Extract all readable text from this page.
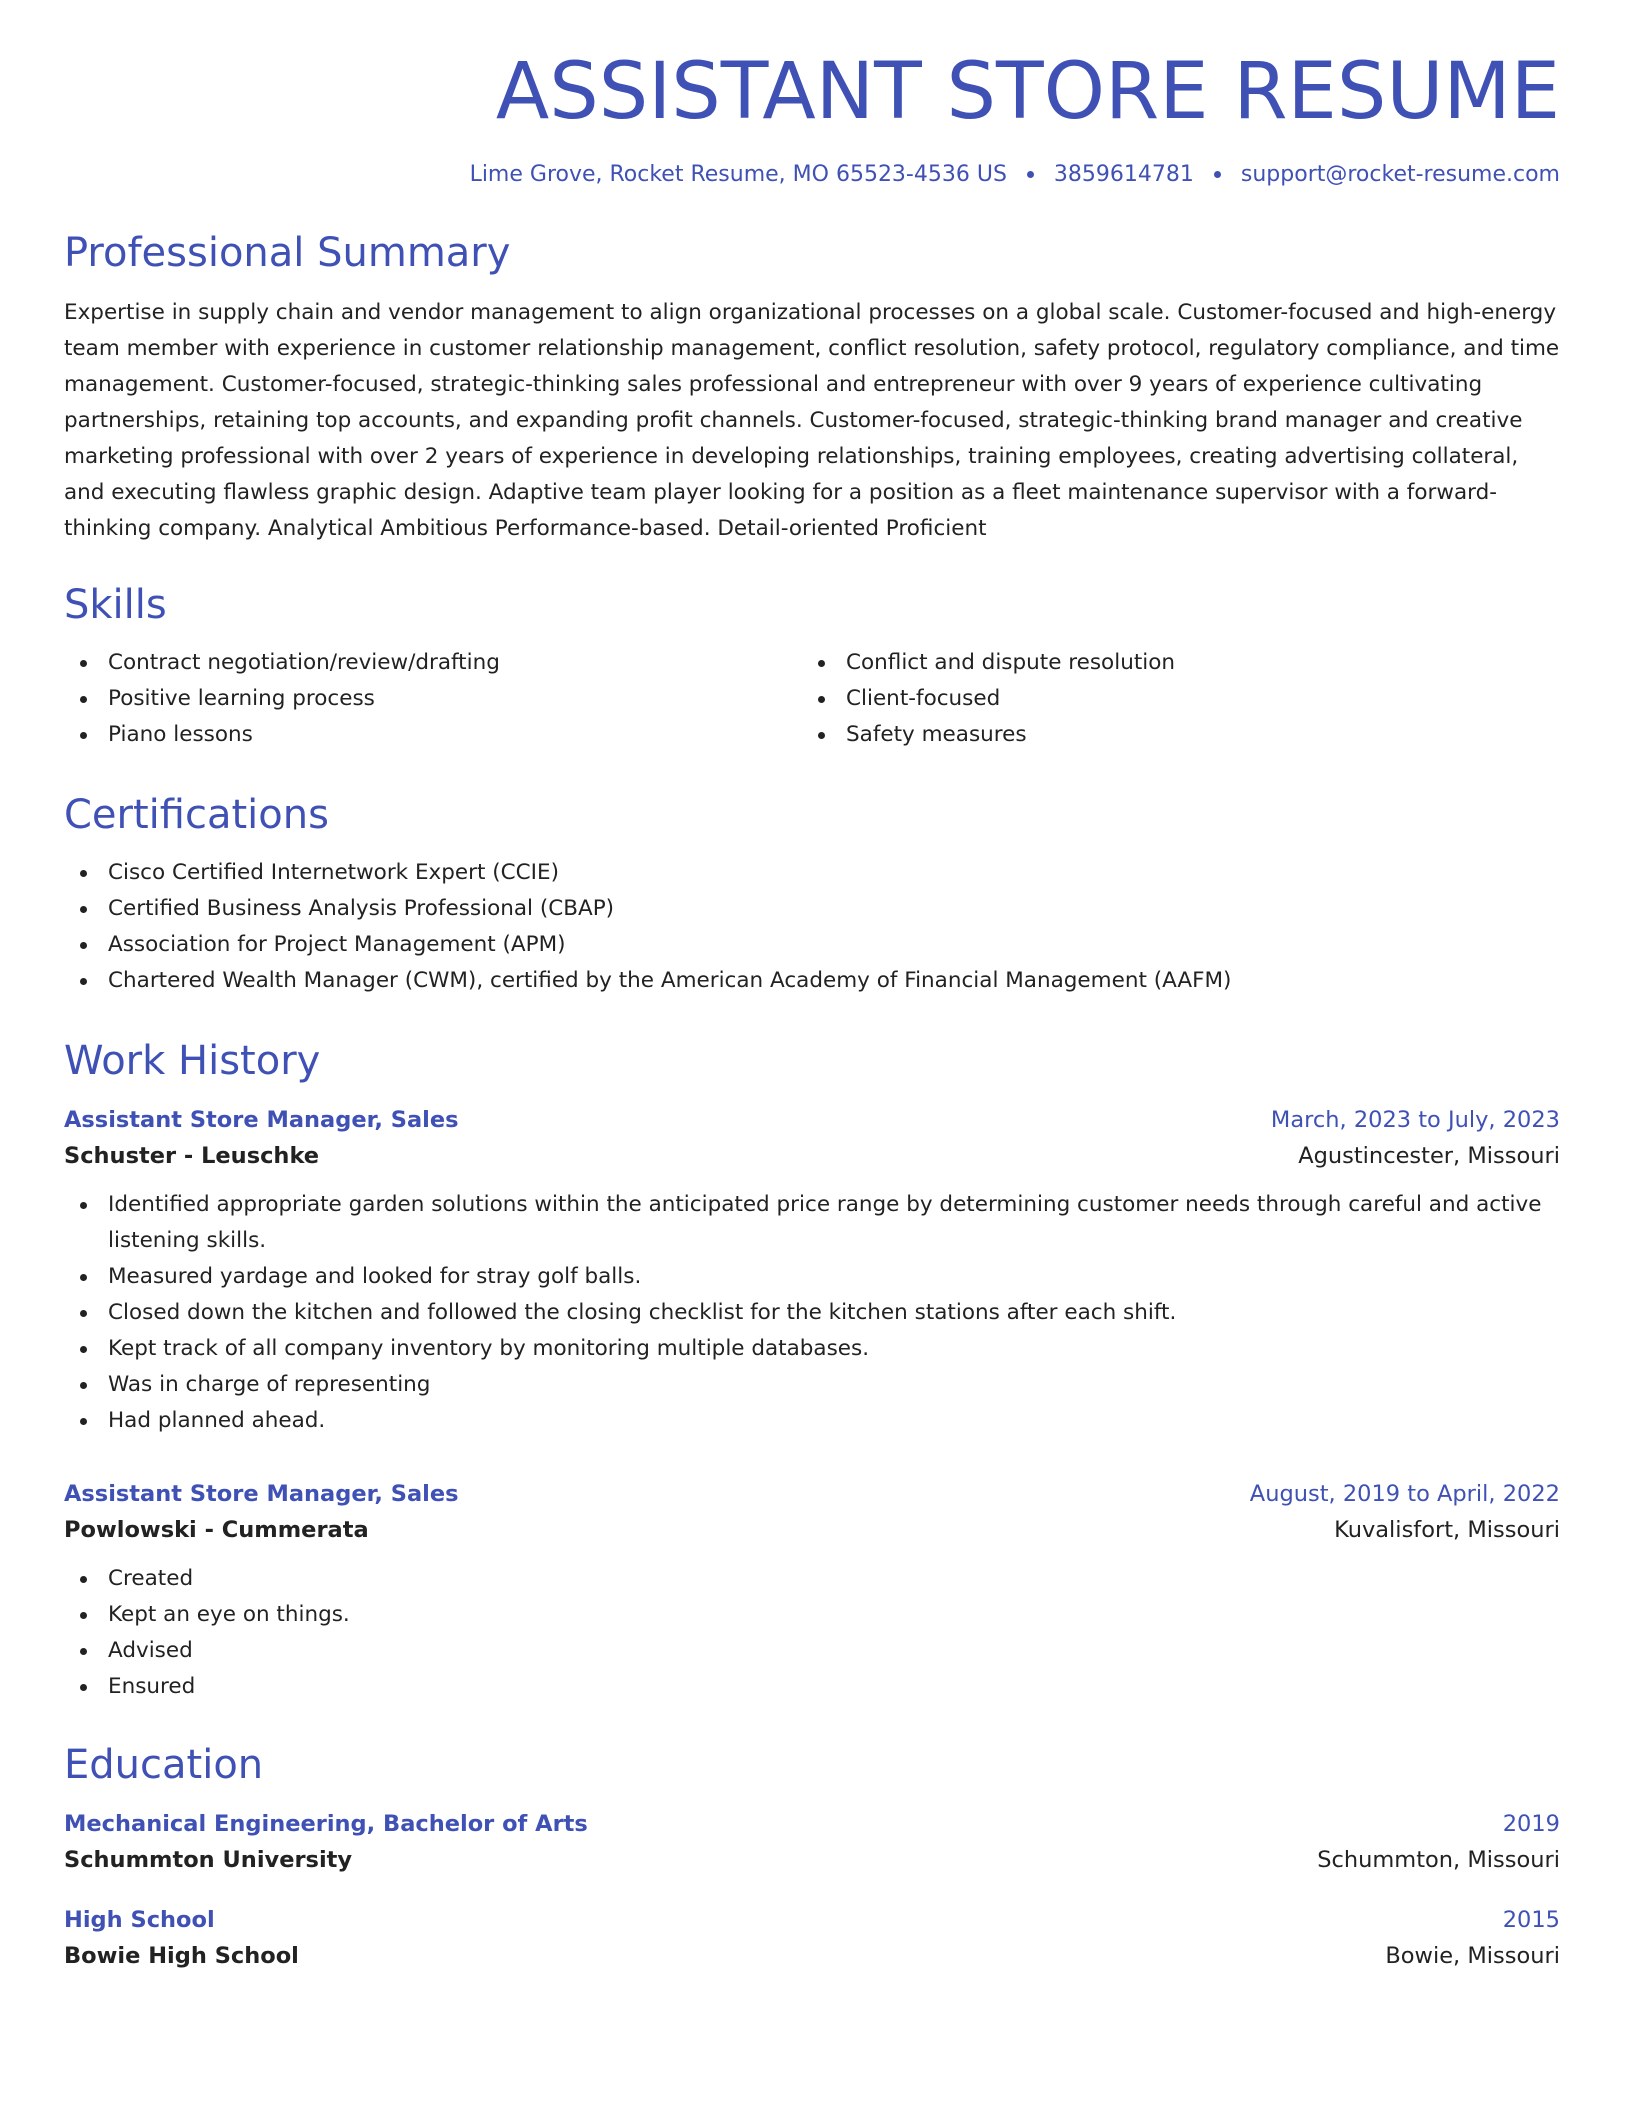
ASSISTANT STORE RESUME
Lime Grove, Rocket Resume, MO 65523-4536 US 3859614781 support@rocket-resume.com
Professional Summary

Expertise in supply chain and vendor management to align organizational processes on a global scale. Customer-focused and high-energy team member with experience in customer relationship management, conflict resolution, safety protocol, regulatory compliance, and time management. Customer-focused, strategic-thinking sales professional and entrepreneur with over 9 years of experience cultivating partnerships, retaining top accounts, and expanding profit channels. Customer-focused, strategic-thinking brand manager and creative marketing professional with over 2 years of experience in developing relationships, training employees, creating advertising collateral, and executing flawless graphic design. Adaptive team player looking for a position as a fleet maintenance supervisor with a forward-thinking company. Analytical Ambitious Performance-based. Detail-oriented Proficient

Skills
Contract negotiation/review/drafting
Positive learning process
Piano lessons
Conflict and dispute resolution
Client-focused
Safety measures
Certifications
Cisco Certified Internetwork Expert (CCIE)
Certified Business Analysis Professional (CBAP)
Association for Project Management (APM)
Chartered Wealth Manager (CWM), certified by the American Academy of Financial Management (AAFM)
Work History
Assistant Store Manager, Sales	March, 2023 to July, 2023
Schuster - Leuschke	Agustincester, Missouri
Identified appropriate garden solutions within the anticipated price range by determining customer needs through careful and active listening skills.
Measured yardage and looked for stray golf balls.
Closed down the kitchen and followed the closing checklist for the kitchen stations after each shift.
Kept track of all company inventory by monitoring multiple databases.
Was in charge of representing
Had planned ahead.
Assistant Store Manager, Sales	August, 2019 to April, 2022
Powlowski - Cummerata	Kuvalisfort, Missouri
Created
Kept an eye on things.
Advised
Ensured
Education
Mechanical Engineering, Bachelor of Arts	2019
Schummton University	Schummton, Missouri
High School	2015
Bowie High School	Bowie, Missouri
